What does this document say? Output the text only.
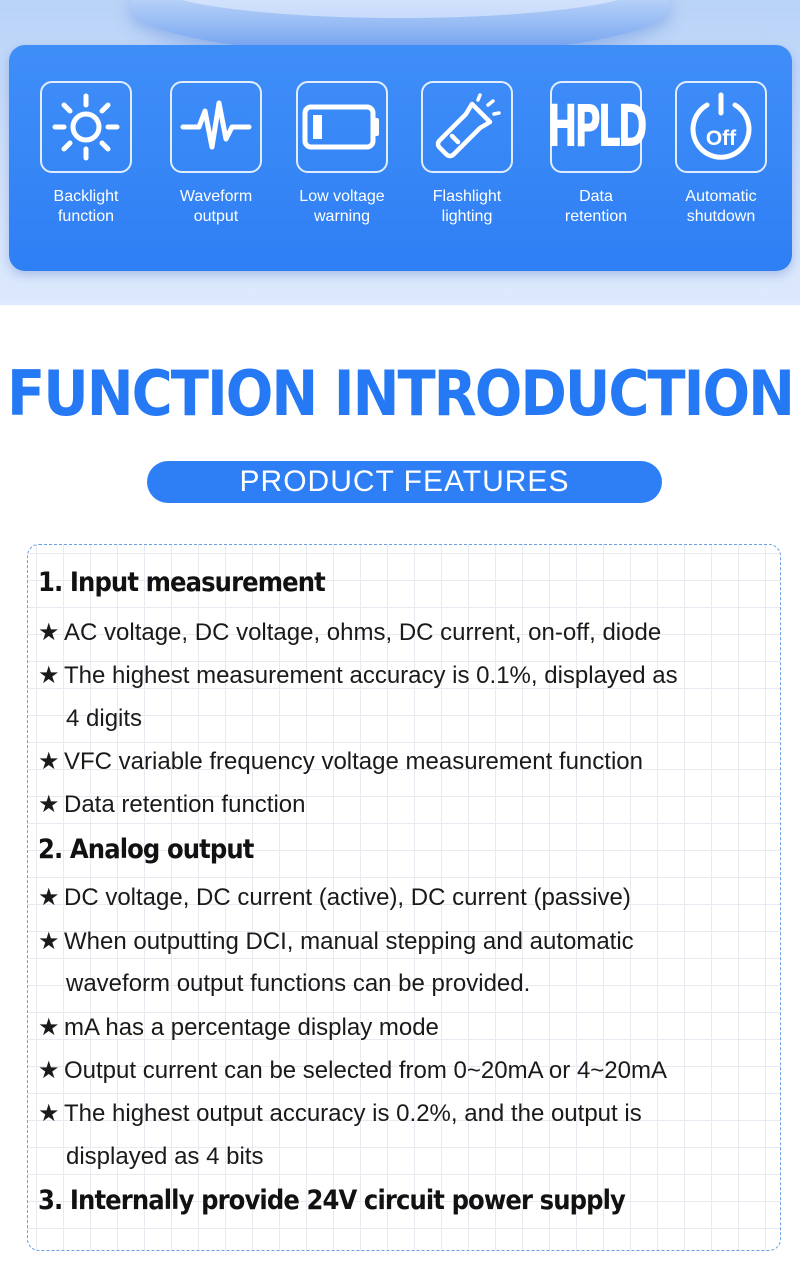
Backlight
function
Waveform
output
Low voltage
warning
Flashlight
lighting
HPLD
Data retention
Off
Automatic
shutdown
FUNCTION INTRODUCTION
PRODUCT FEATURES
1. Input measurement
★ AC voltage, DC voltage, ohms, DC current, on-off, diode
★ The highest measurement accuracy is 0.1%, displayed as
4 digits
★ VFC variable frequency voltage measurement function
★ Data retention function
2. Analog output
★ DC voltage, DC current (active), DC current (passive)
★ When outputting DCI, manual stepping and automatic
waveform output functions can be provided.
★ mA has a percentage display mode
★ Output current can be selected from 0~20mA or 4~20mA
★ The highest output accuracy is 0.2%, and the output is
displayed as 4 bits
3. Internally provide 24V circuit power supply
